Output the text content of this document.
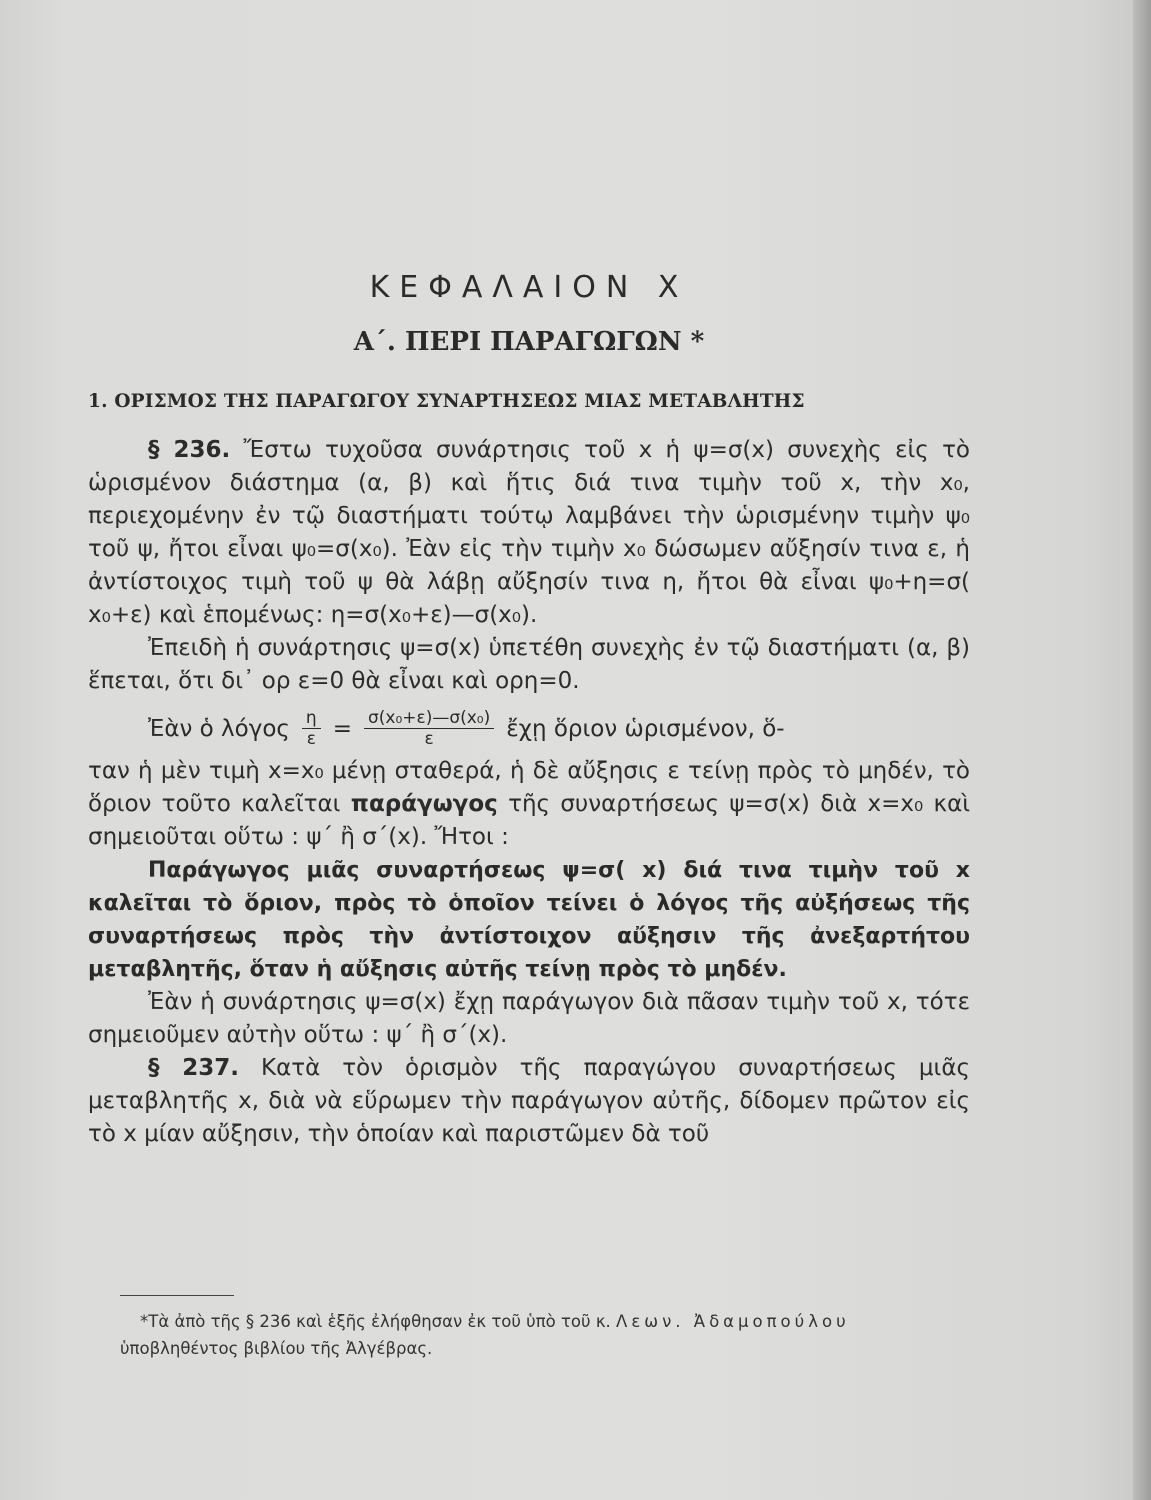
ΚΕΦΑΛΑΙΟΝ Χ
Α΄. ΠΕΡΙ ΠΑΡΑΓΩΓΩΝ *
1. ΟΡΙΣΜΟΣ ΤΗΣ ΠΑΡΑΓΩΓΟΥ ΣΥΝΑΡΤΗΣΕΩΣ ΜΙΑΣ ΜΕΤΑΒΛΗΤΗΣ

§ 236. Ἔστω τυχοῦσα συνάρτησις τοῦ x ἡ ψ=σ(x) συνεχὴς εἰς τὸ ὡρισμένον διάστημα (α, β) καὶ ἥτις διά τινα τιμὴν τοῦ x, τὴν x₀, περιεχομένην ἐν τῷ διαστήματι τούτῳ λαμβάνει τὴν ὡρισμένην τιμὴν ψ₀ τοῦ ψ, ἤτοι εἶναι ψ₀=σ(x₀). Ἐὰν εἰς τὴν τιμὴν x₀ δώσωμεν αὔξησίν τινα ε, ἡ ἀντίστοιχος τιμὴ τοῦ ψ θὰ λάβῃ αὔξησίν τινα η, ἤτοι θὰ εἶναι ψ₀+η=σ( x₀+ε) καὶ ἑπομένως: η=σ(x₀+ε)—σ(x₀).

Ἐπειδὴ ἡ συνάρτησις ψ=σ(x) ὑπετέθη συνεχὴς ἐν τῷ διαστήματι (α, β) ἕπεται, ὅτι δι᾽ ορ ε=0 θὰ εἶναι καὶ ορη=0.

Ἐὰν ὁ λόγος $\frac{\eta}{\varepsilon} = \frac{\text{σ(x₀+ε)—σ(x₀)}}{\varepsilon}$ ἔχῃ ὅριον ὡρισμένον, ὅ-

ταν ἡ μὲν τιμὴ x=x₀ μένῃ σταθερά, ἡ δὲ αὔξησις ε τείνῃ πρὸς τὸ μηδέν, τὸ ὅριον τοῦτο καλεῖται παράγωγος τῆς συναρτήσεως ψ=σ(x) διὰ x=x₀ καὶ σημειοῦται οὕτω : ψ΄ ἢ σ΄(x). Ἤτοι :

Παράγωγος μιᾶς συναρτήσεως ψ=σ( x) διά τινα τιμὴν τοῦ x καλεῖται τὸ ὅριον, πρὸς τὸ ὁποῖον τείνει ὁ λόγος τῆς αὐξήσεως τῆς συναρτήσεως πρὸς τὴν ἀντίστοιχον αὔξησιν τῆς ἀνεξαρτήτου μεταβλητῆς, ὅταν ἡ αὔξησις αὐτῆς τείνῃ πρὸς τὸ μηδέν.

Ἐὰν ἡ συνάρτησις ψ=σ(x) ἔχῃ παράγωγον διὰ πᾶσαν τιμὴν τοῦ x, τότε σημειοῦμεν αὐτὴν οὕτω : ψ΄ ἢ σ΄(x).

§ 237. Κατὰ τὸν ὁρισμὸν τῆς παραγώγου συναρτήσεως μιᾶς μεταβλητῆς x, διὰ νὰ εὕρωμεν τὴν παράγωγον αὐτῆς, δίδομεν πρῶτον εἰς τὸ x μίαν αὔξησιν, τὴν ὁποίαν καὶ παριστῶμεν δὰ τοῦ

*Τὰ ἀπὸ τῆς § 236 καὶ ἑξῆς ἐλήφθησαν ἐκ τοῦ ὑπὸ τοῦ κ. Λεων. Ἀδαμοπούλου ὑποβληθέντος βιβλίου τῆς Ἀλγέβρας.
